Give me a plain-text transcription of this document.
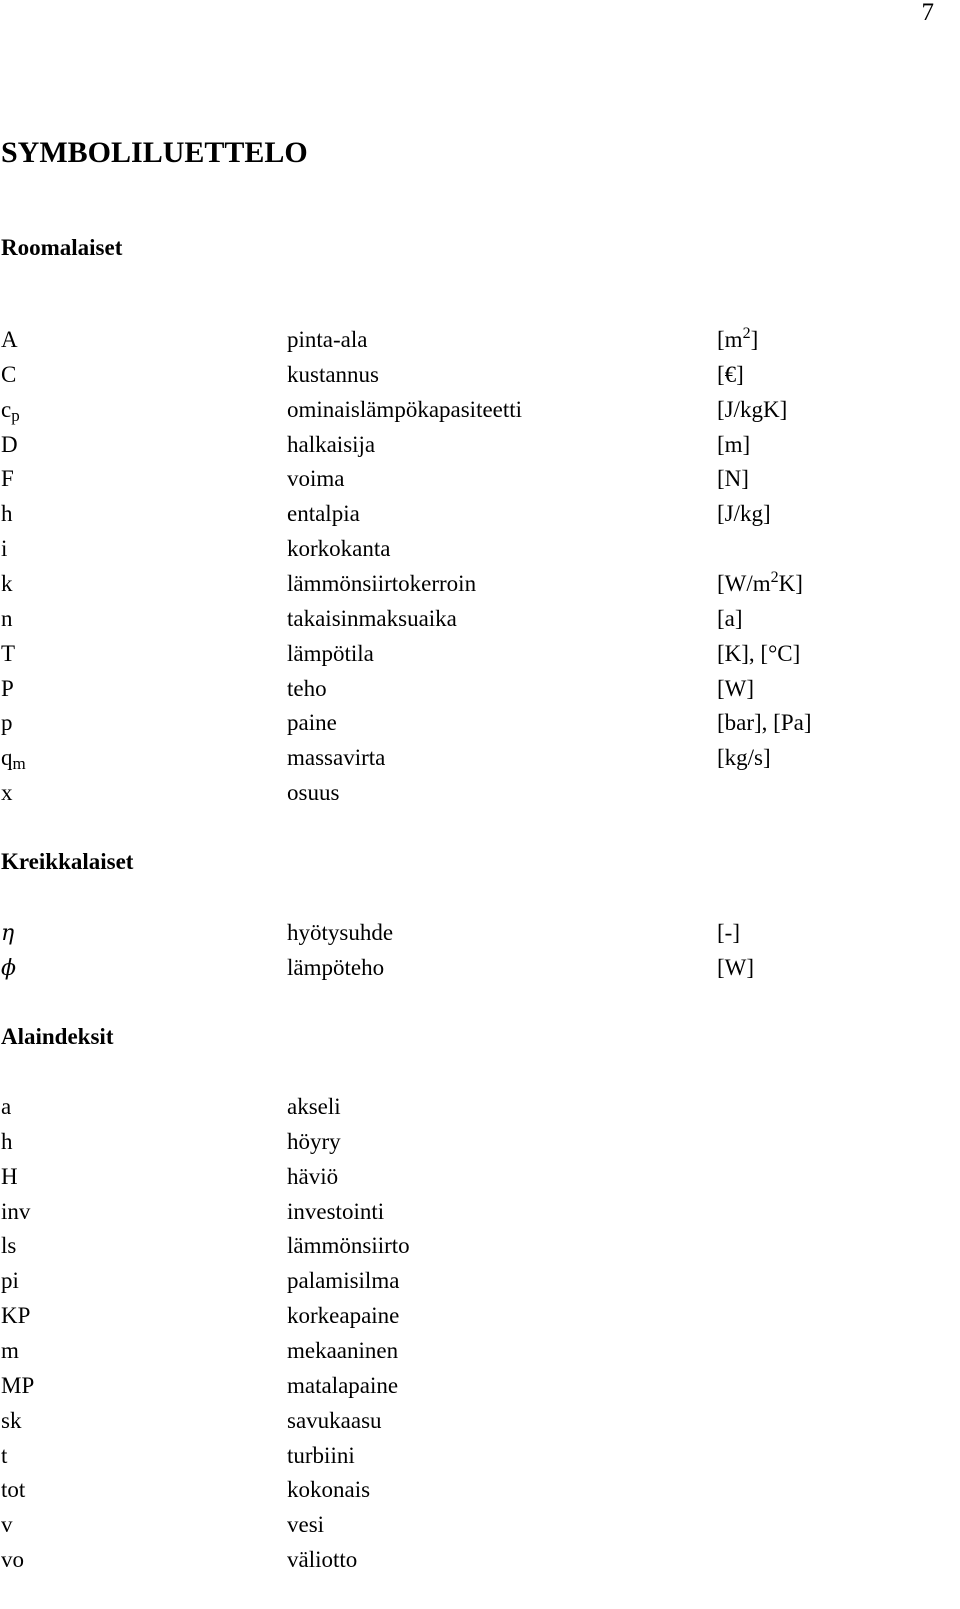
7
SYMBOLILUETTELO
Roomalaiset
A	pinta-ala	$[m^2]$
C	kustannus	[€]
cp	ominaislämpökapasiteetti	[J/kgK]
D	halkaisija	[m]
F	voima	[N]
h	entalpia	[J/kg]
i	korkokanta
k	lämmönsiirtokerroin	$[W/m^2K]$
n	takaisinmaksuaika	[a]
T	lämpötila	[K], [°C]
P	teho	[W]
p	paine	[bar], [Pa]
qm	massavirta	[kg/s]
x	osuus
Kreikkalaiset
η	hyötysuhde	[-]
ϕ	lämpöteho	[W]
Alaindeksit
a	akseli
h	höyry
H	häviö
inv	investointi
ls	lämmönsiirto
pi	palamisilma
KP	korkeapaine
m	mekaaninen
MP	matalapaine
sk	savukaasu
t	turbiini
tot	kokonais
v	vesi
vo	väliotto
